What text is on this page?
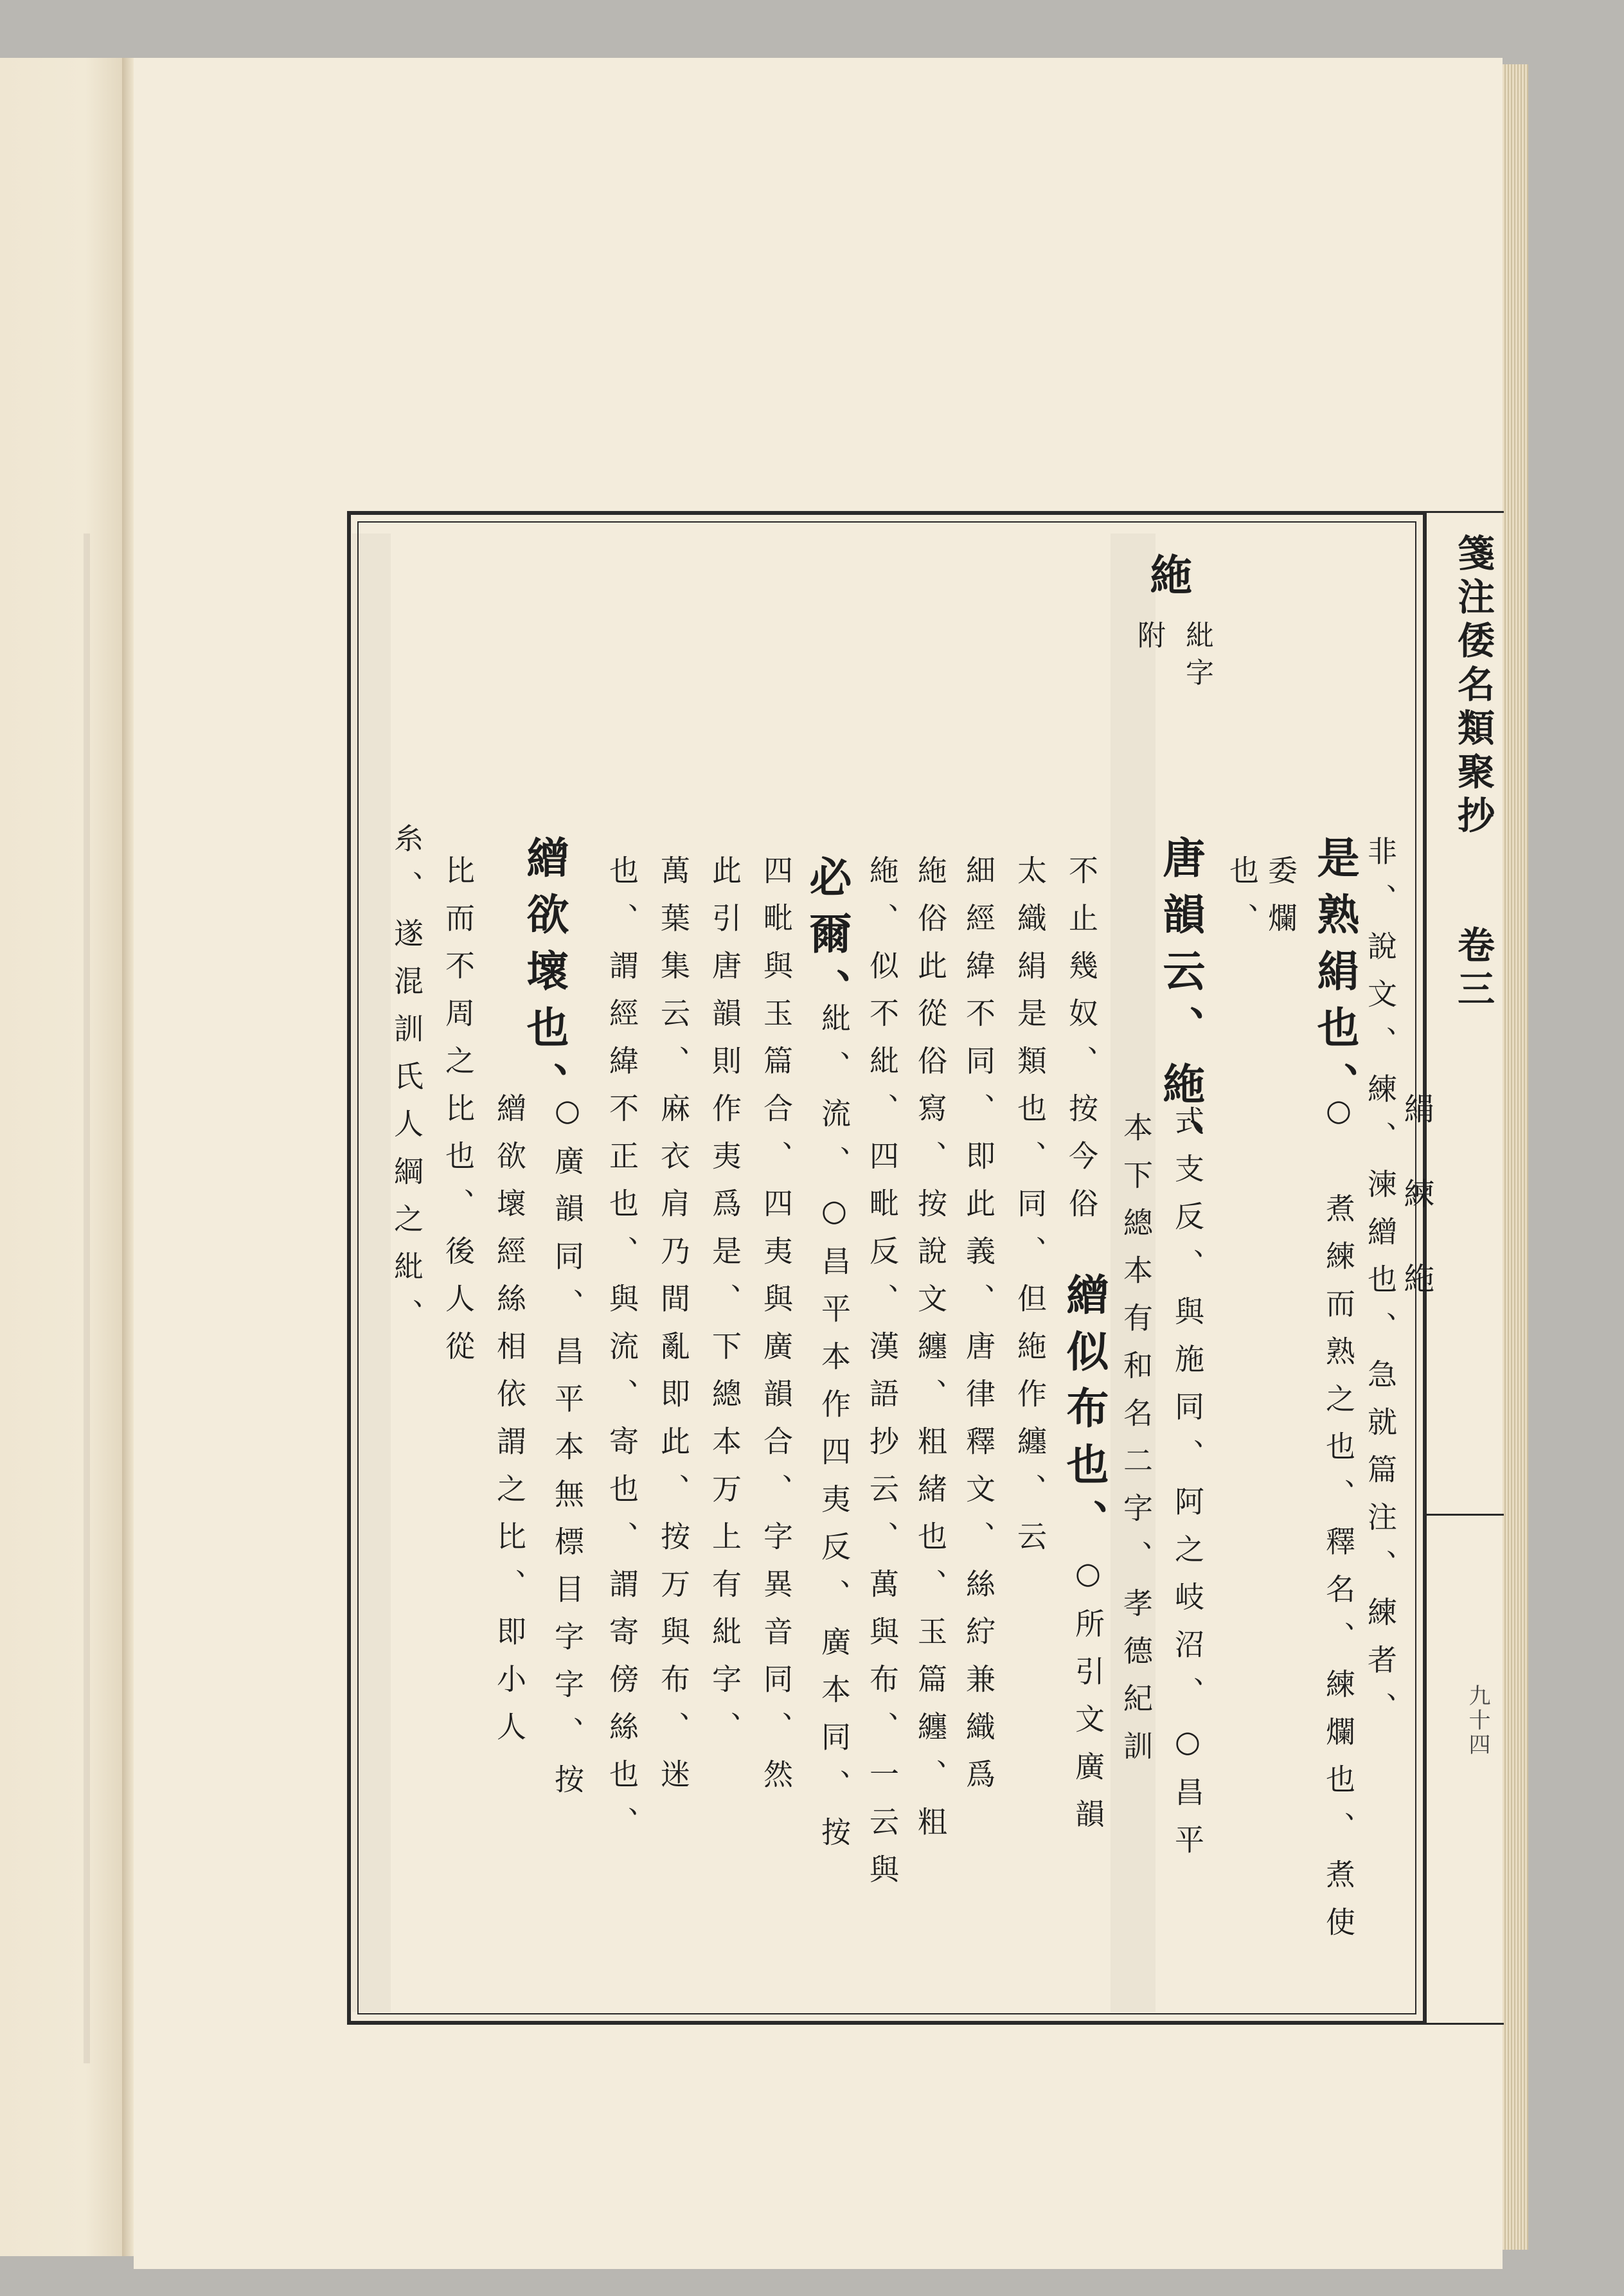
箋注倭名類聚抄
卷三
絹 練 絁
九十四
絁
紕字
附
非、說文、練、湅繒也、急就篇注、練者、
是熟絹也、
○　煮練而熟之也、釋名、練爛也、煮使
委爛
也、
唐韻云、絁、
式支反、與施同、阿之岐沼、○昌平
本下總本有和名二字、孝德紀訓
不止幾奴、按今俗
繒似布也、
○所引文廣韻
太織絹是類也、同、但絁作纏、云
細經緯不同、即此義、唐律釋文、絲紵兼織爲
絁俗此從俗寫、按說文纏、粗緒也、玉篇纏、粗
絁、似不紕、四毗反、漢語抄云、萬與布、一云與
必爾、
紕、流、○昌平本作四夷反、廣本同、按
四毗與玉篇合、四夷與廣韻合、字異音同、然
此引唐韻則作夷爲是、下總本万上有紕字、
萬葉集云、麻衣肩乃間亂即此、按万與布、迷
也、謂經緯不正也、與流、寄也、謂寄傍絲也、
繒欲壞也、
○廣韻同、昌平本無標目字字、按
繒欲壞經絲相依謂之比、即小人
比而不周之比也、後人從
糸、遂混訓氏人綱之紕、
